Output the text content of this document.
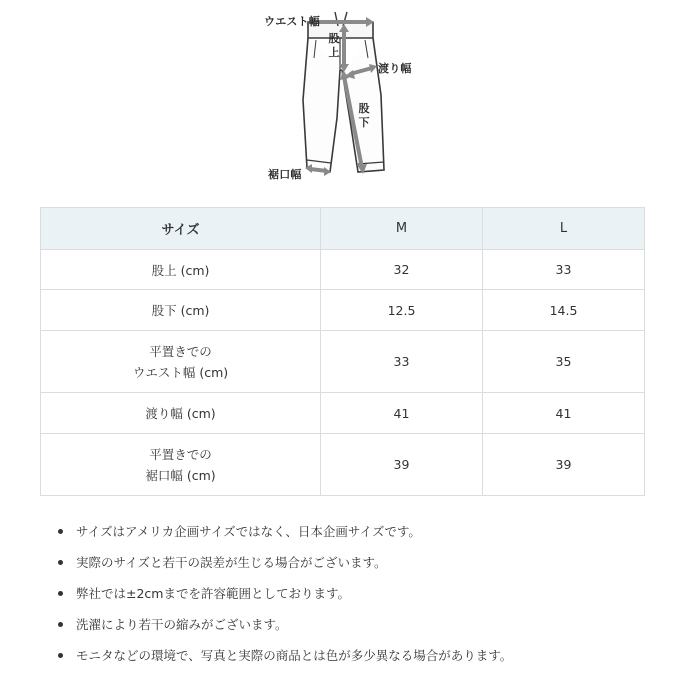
ウエスト幅
股
上
渡り幅
股
下
裾口幅
サイズ	M	L

股上 (cm)	32	33

股下 (cm)	12.5	14.5

平置きでの
ウエスト幅 (cm)	33	35

渡り幅 (cm)	41	41

平置きでの
裾口幅 (cm)	39	39
サイズはアメリカ企画サイズではなく、日本企画サイズです。
実際のサイズと若干の誤差が生じる場合がございます。
弊社では±2cmまでを許容範囲としております。
洗濯により若干の縮みがございます。
モニタなどの環境で、写真と実際の商品とは色が多少異なる場合があります。
